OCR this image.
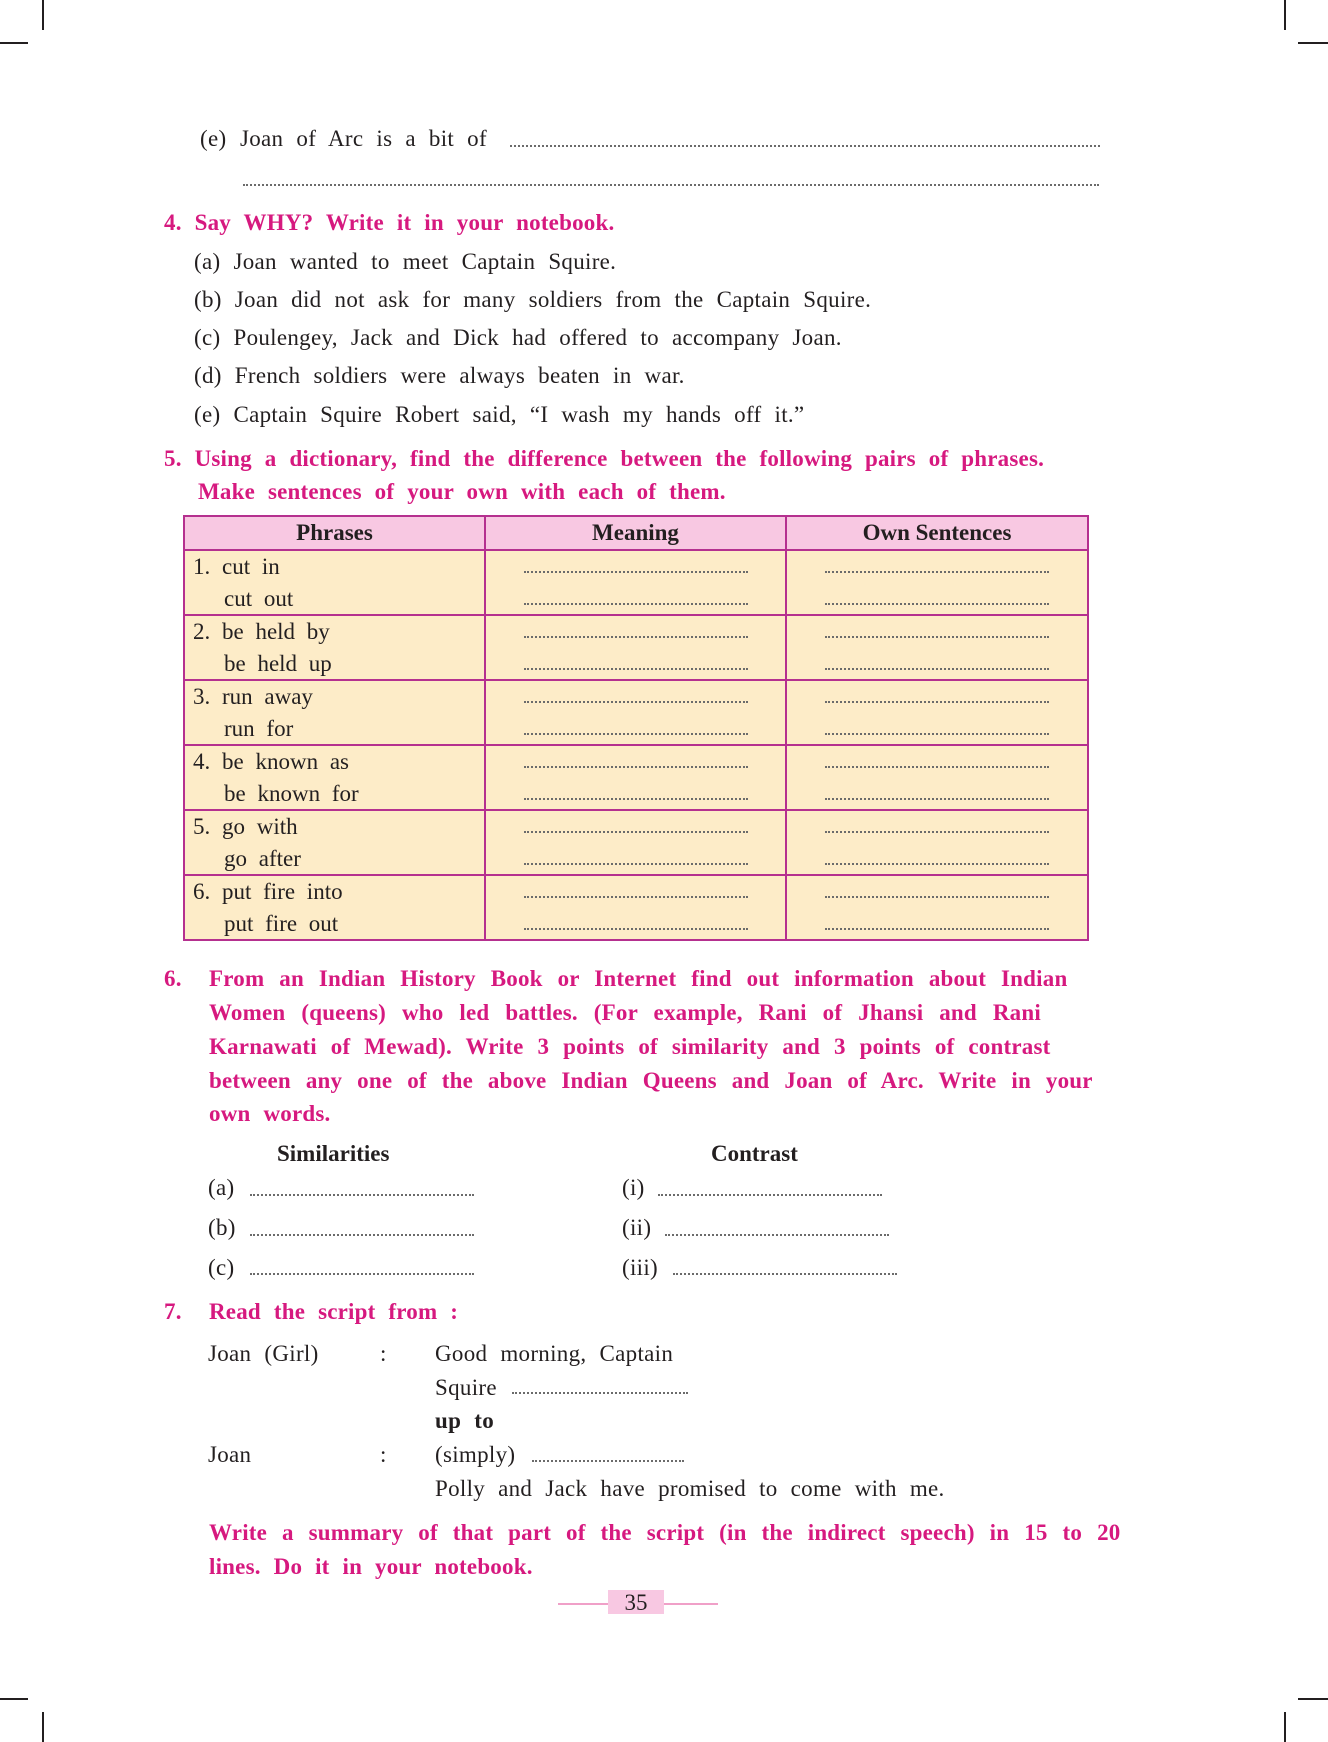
(e) Joan of Arc is a bit of
4. Say WHY? Write it in your notebook.
(a) Joan wanted to meet Captain Squire.
(b) Joan did not ask for many soldiers from the Captain Squire.
(c) Poulengey, Jack and Dick had offered to accompany Joan.
(d) French soldiers were always beaten in war.
(e) Captain Squire Robert said, “I wash my hands off it.”
5. Using a dictionary, find the difference between the following pairs of phrases.
Make sentences of your own with each of them.
Phrases	Meaning	Own Sentences

1. cut in
cut out		

2. be held by
be held up		

3. run away
run for		

4. be known as
be known for		

5. go with
go after		

6. put fire into
put fire out		

6. From an Indian History Book or Internet find out information about Indian
Women (queens) who led battles. (For example, Rani of Jhansi and Rani
Karnawati of Mewad). Write 3 points of similarity and 3 points of contrast
between any one of the above Indian Queens and Joan of Arc. Write in your
own words.
Similarities	Contrast
(a)
(b)
(c)
(i)
(ii)
(iii)
7. Read the script from :
Joan (Girl)	: Good morning, Captain
Squire
up to
Joan	: (simply)
Polly and Jack have promised to come with me.
Write a summary of that part of the script (in the indirect speech) in 15 to 20
lines. Do it in your notebook.
35
